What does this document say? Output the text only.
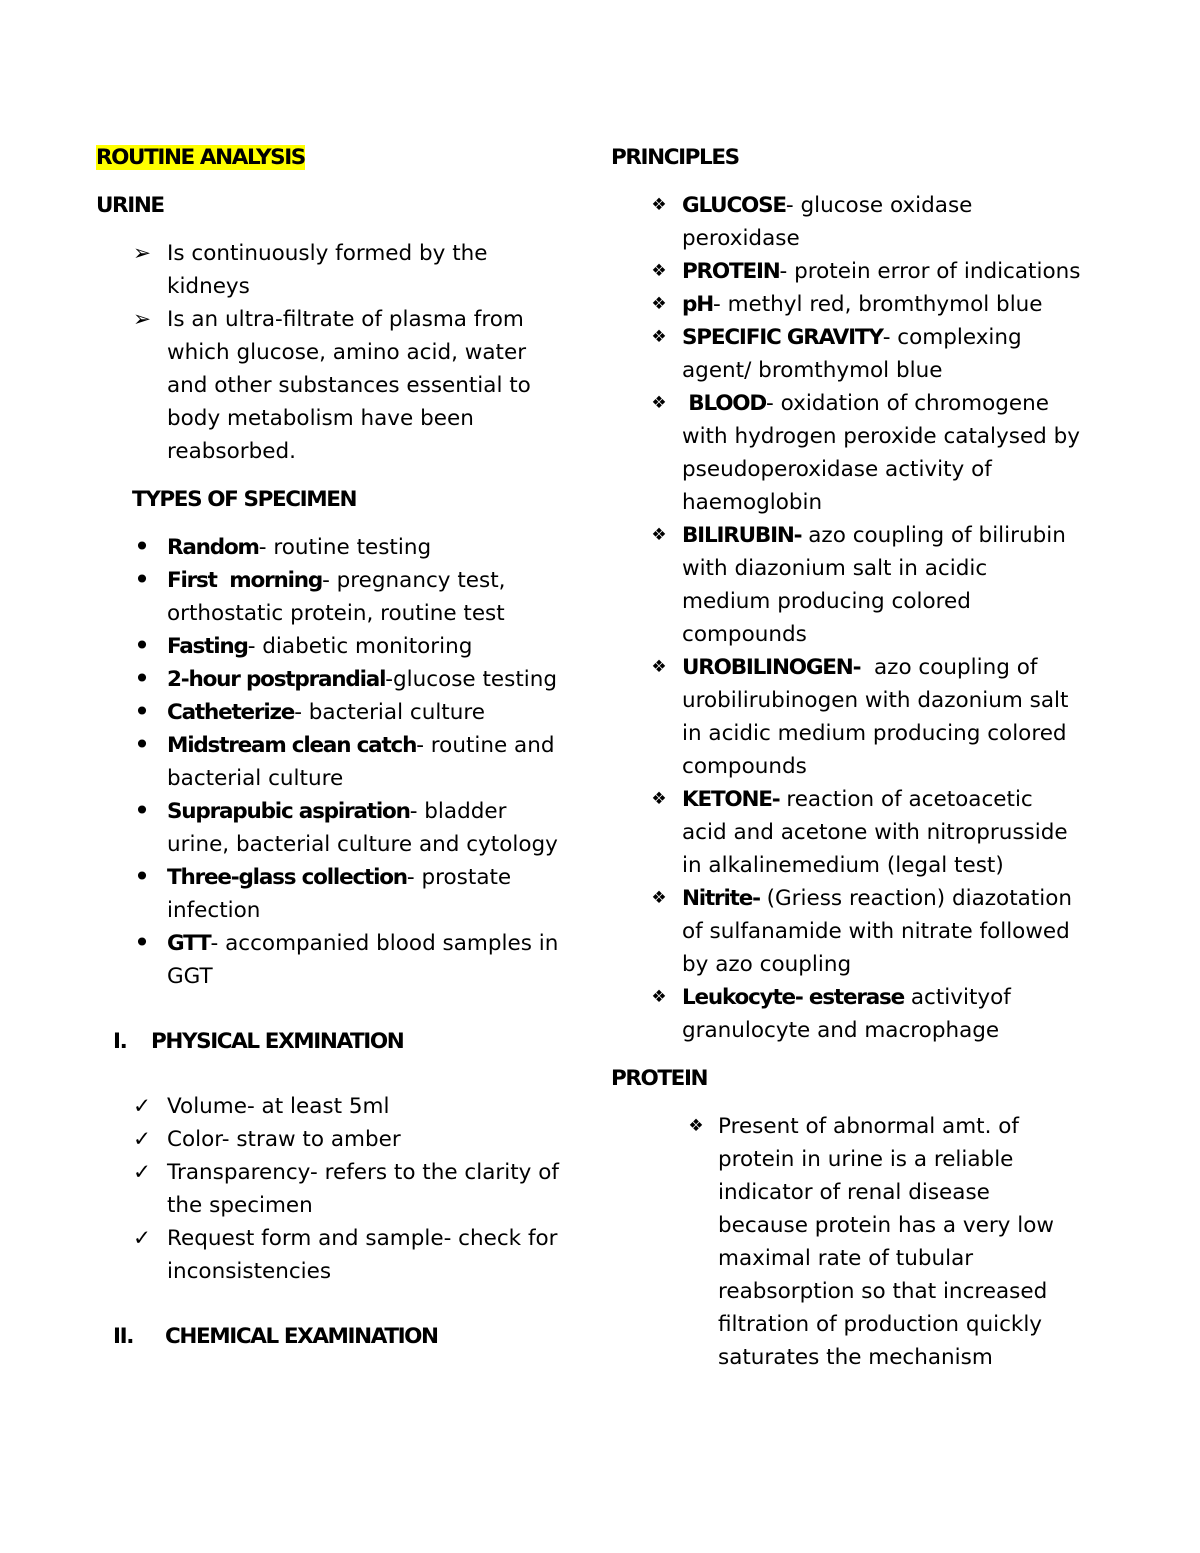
ROUTINE ANALYSIS
URINE
➢ Is continuously formed by the kidneys
➢ Is an ultra-filtrate of plasma from which glucose, amino acid, water and other substances essential to body metabolism have been reabsorbed.
TYPES OF SPECIMEN
• Random- routine testing
• First  morning- pregnancy test, orthostatic protein, routine test
• Fasting- diabetic monitoring
• 2-hour postprandial-glucose testing
• Catheterize- bacterial culture
• Midstream clean catch- routine and bacterial culture
• Suprapubic aspiration- bladder urine, bacterial culture and cytology
• Three-glass collection- prostate infection
• GTT- accompanied blood samples in GGT
I. PHYSICAL EXMINATION
✓ Volume- at least 5ml
✓ Color- straw to amber
✓ Transparency- refers to the clarity of the specimen
✓ Request form and sample- check for inconsistencies
II. CHEMICAL EXAMINATION
PRINCIPLES
❖ GLUCOSE- glucose oxidase peroxidase
❖ PROTEIN- protein error of indications
❖ pH- methyl red, bromthymol blue
❖ SPECIFIC GRAVITY- complexing agent/ bromthymol blue
❖ BLOOD- oxidation of chromogene with hydrogen peroxide catalysed by pseudoperoxidase activity of haemoglobin
❖ BILIRUBIN- azo coupling of bilirubin with diazonium salt in acidic medium producing colored compounds
❖ UROBILINOGEN-  azo coupling of urobilirubinogen with dazonium salt in acidic medium producing colored compounds
❖ KETONE- reaction of acetoacetic acid and acetone with nitroprusside in alkalinemedium (legal test)
❖ Nitrite- (Griess reaction) diazotation of sulfanamide with nitrate followed by azo coupling
❖ Leukocyte- esterase activityof granulocyte and macrophage
PROTEIN
❖ Present of abnormal amt. of protein in urine is a reliable indicator of renal disease because protein has a very low maximal rate of tubular reabsorption so that increased filtration of production quickly saturates the mechanism
